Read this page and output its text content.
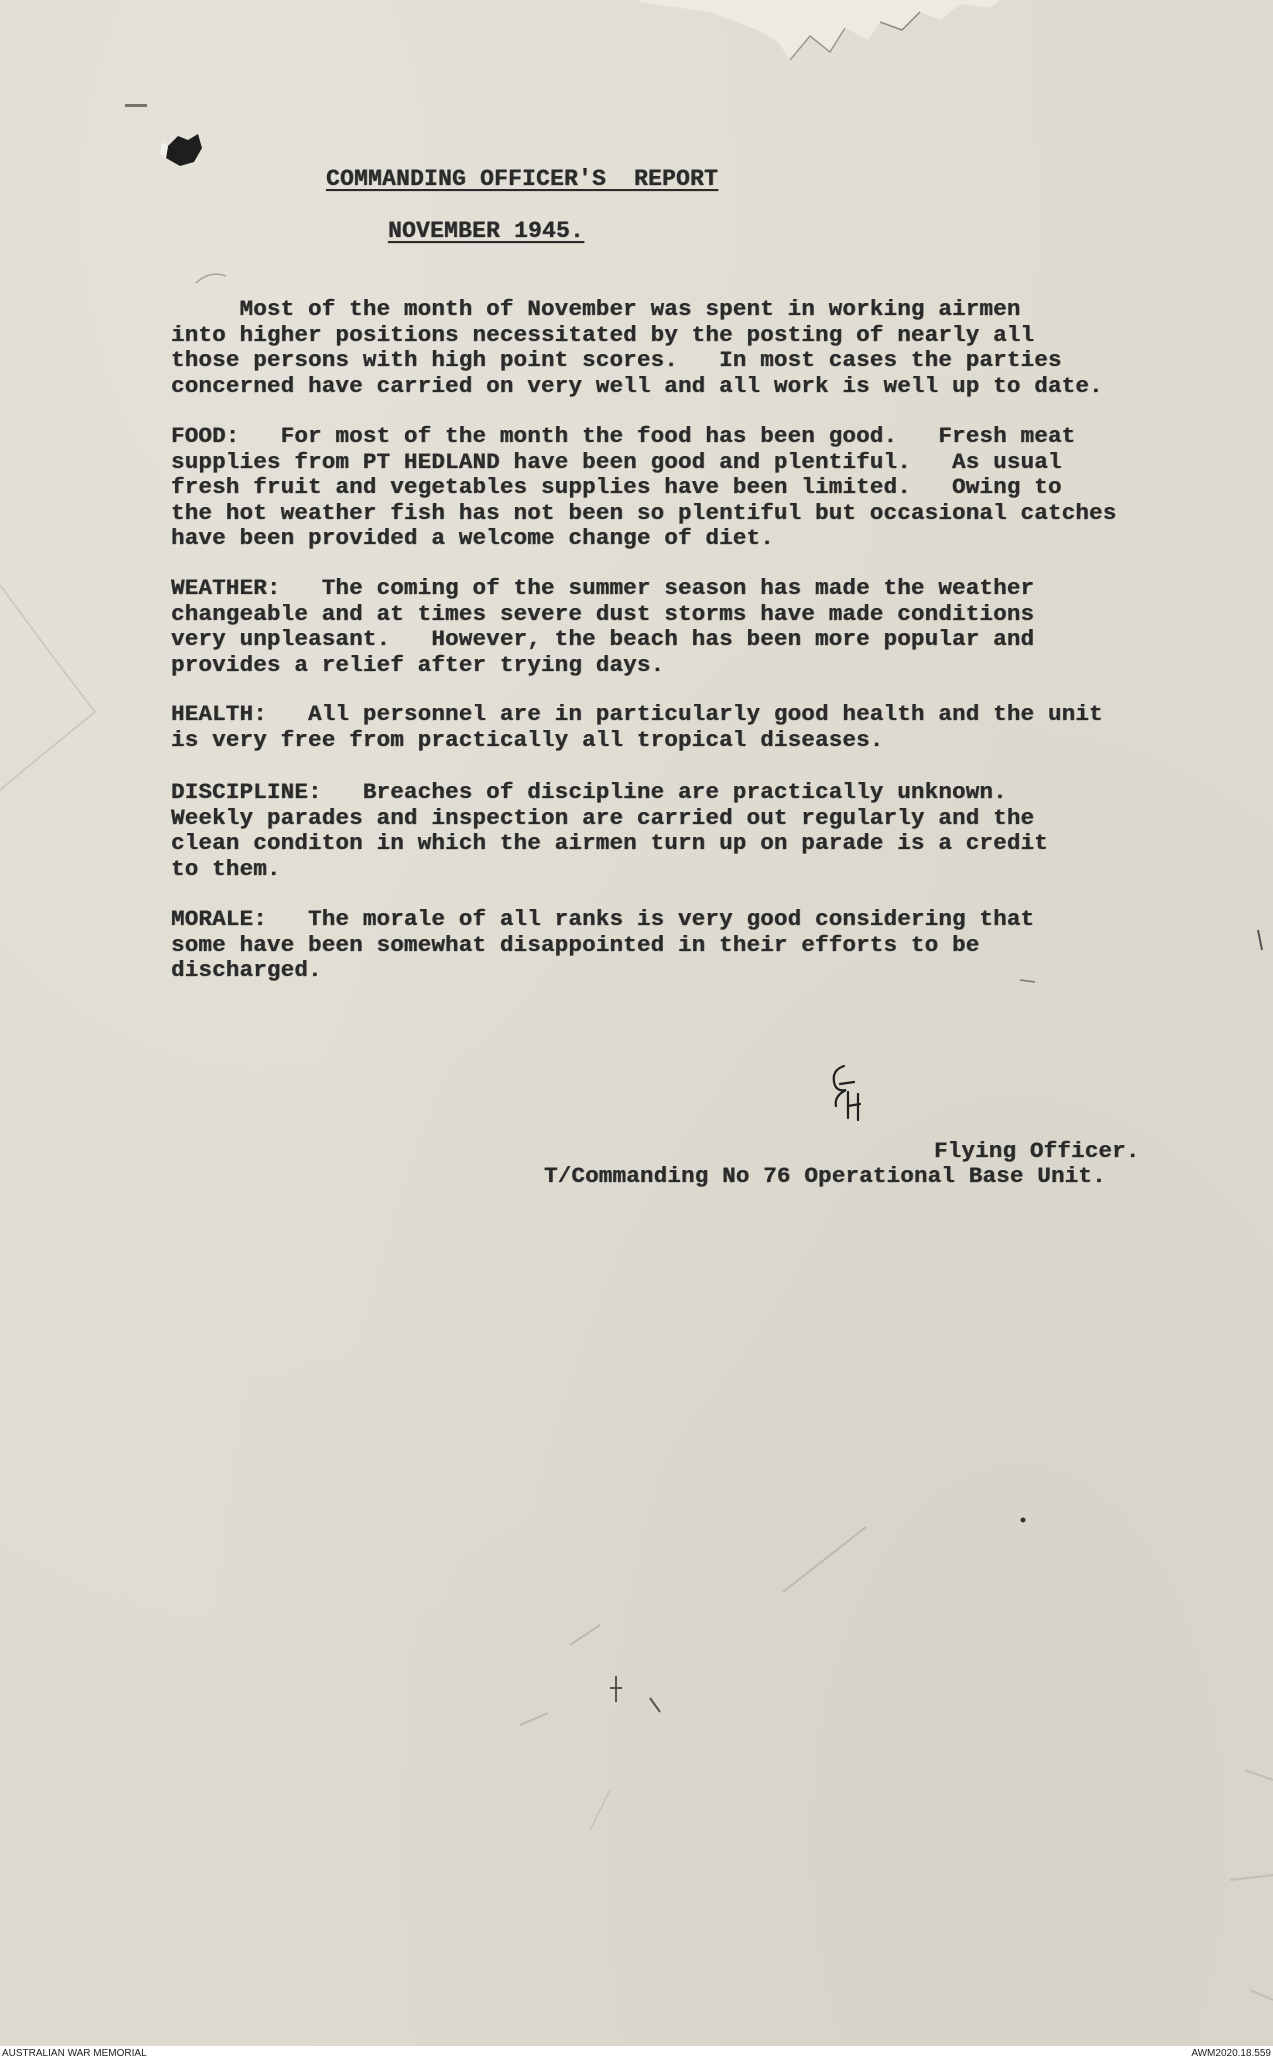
COMMANDING OFFICER'S  REPORT
NOVEMBER 1945.
Most of the month of November was spent in working airmen
into higher positions necessitated by the posting of nearly all
those persons with high point scores.   In most cases the parties
concerned have carried on very well and all work is well up to date.
FOOD:   For most of the month the food has been good.   Fresh meat
supplies from PT HEDLAND have been good and plentiful.   As usual
fresh fruit and vegetables supplies have been limited.   Owing to
the hot weather fish has not been so plentiful but occasional catches
have been provided a welcome change of diet.
WEATHER:   The coming of the summer season has made the weather
changeable and at times severe dust storms have made conditions
very unpleasant.   However, the beach has been more popular and
provides a relief after trying days.
HEALTH:   All personnel are in particularly good health and the unit
is very free from practically all tropical diseases.
DISCIPLINE:   Breaches of discipline are practically unknown.
Weekly parades and inspection are carried out regularly and the
clean conditon in which the airmen turn up on parade is a credit
to them.
MORALE:   The morale of all ranks is very good considering that
some have been somewhat disappointed in their efforts to be
discharged.
Flying Officer.
T/Commanding No 76 Operational Base Unit.
AUSTRALIAN WAR MEMORIAL	AWM2020.18.559
